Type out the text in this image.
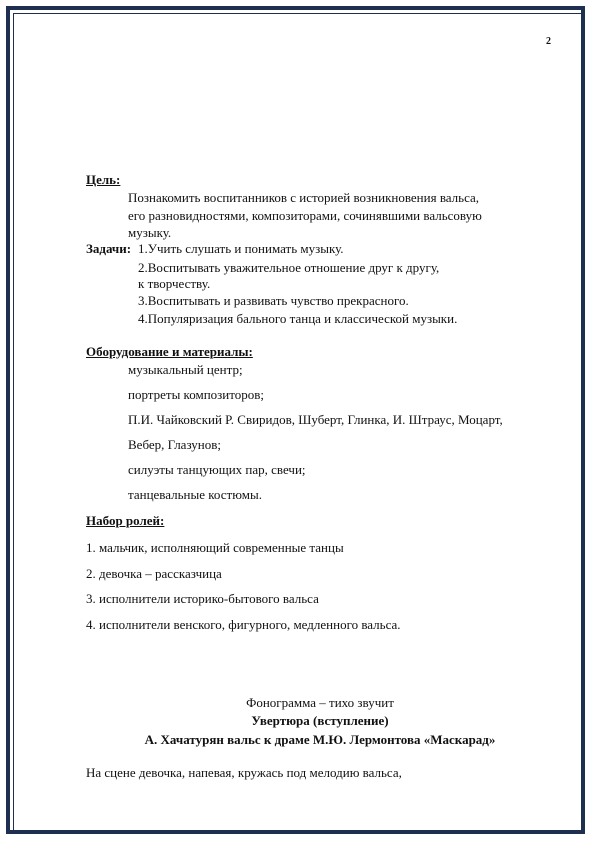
2
Цель:
Познакомить воспитанников с историей возникновения вальса,
его разновидностями, композиторами, сочинявшими вальсовую
музыку.
Задачи: 1.Учить слушать и понимать музыку.
2.Воспитывать уважительное отношение друг к другу,
к творчеству.
3.Воспитывать и развивать чувство прекрасного.
4.Популяризация бального танца и классической музыки.
Оборудование и материалы:
музыкальный центр;
портреты композиторов;
П.И. Чайковский Р. Свиридов, Шуберт, Глинка, И. Штраус, Моцарт,
Вебер, Глазунов;
силуэты танцующих пар, свечи;
танцевальные костюмы.
Набор ролей:
1. мальчик, исполняющий современные танцы
2. девочка – рассказчица
3. исполнители историко-бытового вальса
4. исполнители венского, фигурного, медленного вальса.
Фонограмма – тихо звучит
Увертюра (вступление)
А. Хачатурян вальс к драме М.Ю. Лермонтова «Маскарад»
На сцене девочка, напевая, кружась под мелодию вальса,
